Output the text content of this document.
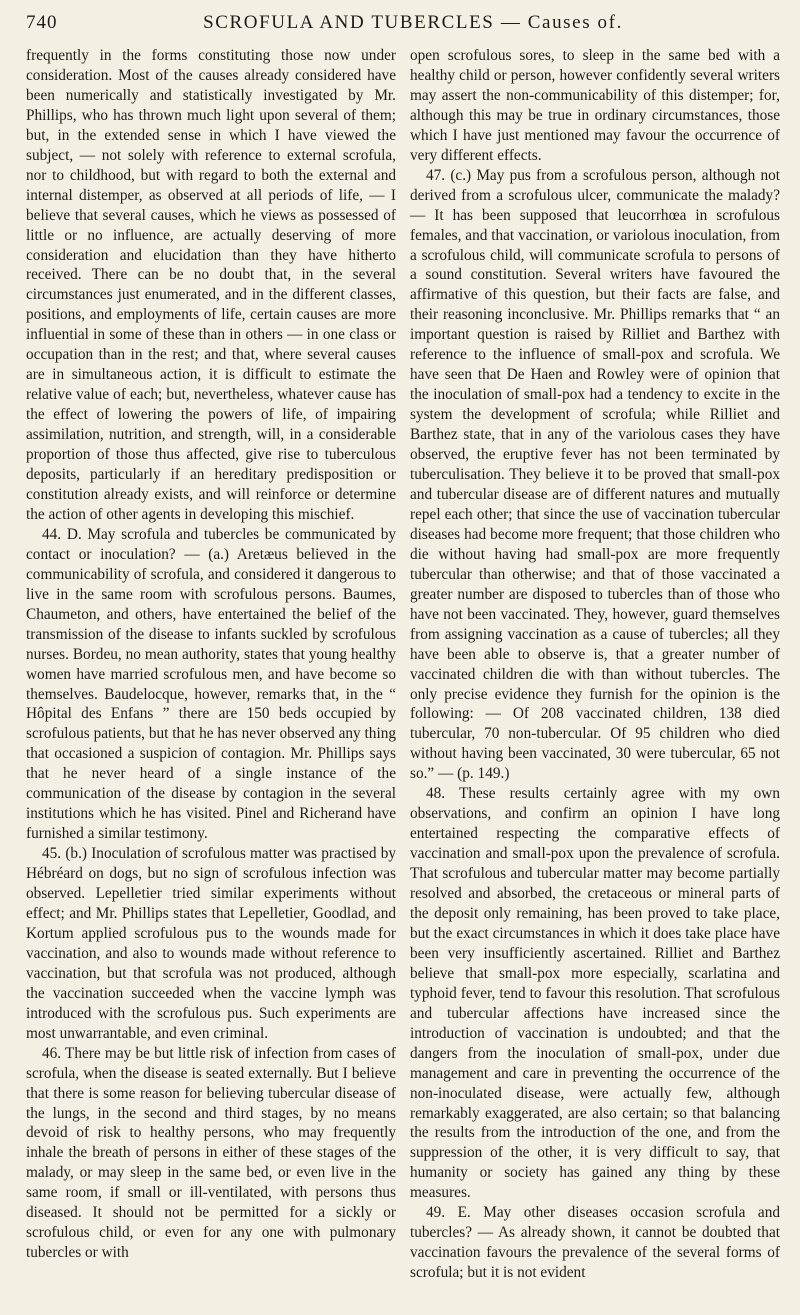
740	SCROFULA AND TUBERCLES — Causes of.

frequently in the forms constituting those now under consideration. Most of the causes already considered have been numerically and statistically investigated by Mr. Phillips, who has thrown much light upon several of them; but, in the extended sense in which I have viewed the subject, — not solely with reference to external scrofula, nor to childhood, but with regard to both the external and internal distemper, as observed at all periods of life, — I believe that several causes, which he views as possessed of little or no influence, are actually deserving of more consideration and elucidation than they have hitherto received. There can be no doubt that, in the several circumstances just enumerated, and in the different classes, positions, and employments of life, certain causes are more influential in some of these than in others — in one class or occupation than in the rest; and that, where several causes are in simultaneous action, it is difficult to estimate the relative value of each; but, nevertheless, whatever cause has the effect of lowering the powers of life, of impairing assimilation, nutrition, and strength, will, in a considerable proportion of those thus affected, give rise to tuberculous deposits, particularly if an hereditary predisposition or constitution already exists, and will reinforce or determine the action of other agents in developing this mischief.

44. D. May scrofula and tubercles be communicated by contact or inoculation? — (a.) Aretæus believed in the communicability of scrofula, and considered it dangerous to live in the same room with scrofulous persons. Baumes, Chaumeton, and others, have entertained the belief of the transmission of the disease to infants suckled by scrofulous nurses. Bordeu, no mean authority, states that young healthy women have married scrofulous men, and have become so themselves. Baudelocque, however, remarks that, in the “ Hôpital des Enfans ” there are 150 beds occupied by scrofulous patients, but that he has never observed any thing that occasioned a suspicion of contagion. Mr. Phillips says that he never heard of a single instance of the communication of the disease by contagion in the several institutions which he has visited. Pinel and Richerand have furnished a similar testimony.

45. (b.) Inoculation of scrofulous matter was practised by Hébréard on dogs, but no sign of scrofulous infection was observed. Lepelletier tried similar experiments without effect; and Mr. Phillips states that Lepelletier, Goodlad, and Kortum applied scrofulous pus to the wounds made for vaccination, and also to wounds made without reference to vaccination, but that scrofula was not produced, although the vaccination succeeded when the vaccine lymph was introduced with the scrofulous pus. Such experiments are most unwarrantable, and even criminal.

46. There may be but little risk of infection from cases of scrofula, when the disease is seated externally. But I believe that there is some reason for believing tubercular disease of the lungs, in the second and third stages, by no means devoid of risk to healthy persons, who may frequently inhale the breath of persons in either of these stages of the malady, or may sleep in the same bed, or even live in the same room, if small or ill-ventilated, with persons thus diseased. It should not be permitted for a sickly or scrofulous child, or even for any one with pulmonary tubercles or with

open scrofulous sores, to sleep in the same bed with a healthy child or person, however confidently several writers may assert the non-communicability of this distemper; for, although this may be true in ordinary circumstances, those which I have just mentioned may favour the occurrence of very different effects.

47. (c.) May pus from a scrofulous person, although not derived from a scrofulous ulcer, communicate the malady? — It has been supposed that leucorrhœa in scrofulous females, and that vaccination, or variolous inoculation, from a scrofulous child, will communicate scrofula to persons of a sound constitution. Several writers have favoured the affirmative of this question, but their facts are false, and their reasoning inconclusive. Mr. Phillips remarks that “ an important question is raised by Rilliet and Barthez with reference to the influence of small-pox and scrofula. We have seen that De Haen and Rowley were of opinion that the inoculation of small-pox had a tendency to excite in the system the development of scrofula; while Rilliet and Barthez state, that in any of the variolous cases they have observed, the eruptive fever has not been terminated by tuberculisation. They believe it to be proved that small-pox and tubercular disease are of different natures and mutually repel each other; that since the use of vaccination tubercular diseases had become more frequent; that those children who die without having had small-pox are more frequently tubercular than otherwise; and that of those vaccinated a greater number are disposed to tubercles than of those who have not been vaccinated. They, however, guard themselves from assigning vaccination as a cause of tubercles; all they have been able to observe is, that a greater number of vaccinated children die with than without tubercles. The only precise evidence they furnish for the opinion is the following: — Of 208 vaccinated children, 138 died tubercular, 70 non-tubercular. Of 95 children who died without having been vaccinated, 30 were tubercular, 65 not so.” — (p. 149.)

48. These results certainly agree with my own observations, and confirm an opinion I have long entertained respecting the comparative effects of vaccination and small-pox upon the prevalence of scrofula. That scrofulous and tubercular matter may become partially resolved and absorbed, the cretaceous or mineral parts of the deposit only remaining, has been proved to take place, but the exact circumstances in which it does take place have been very insufficiently ascertained. Rilliet and Barthez believe that small-pox more especially, scarlatina and typhoid fever, tend to favour this resolution. That scrofulous and tubercular affections have increased since the introduction of vaccination is undoubted; and that the dangers from the inoculation of small-pox, under due management and care in preventing the occurrence of the non-inoculated disease, were actually few, although remarkably exaggerated, are also certain; so that balancing the results from the introduction of the one, and from the suppression of the other, it is very difficult to say, that humanity or society has gained any thing by these measures.

49. E. May other diseases occasion scrofula and tubercles? — As already shown, it cannot be doubted that vaccination favours the prevalence of the several forms of scrofula; but it is not evident
